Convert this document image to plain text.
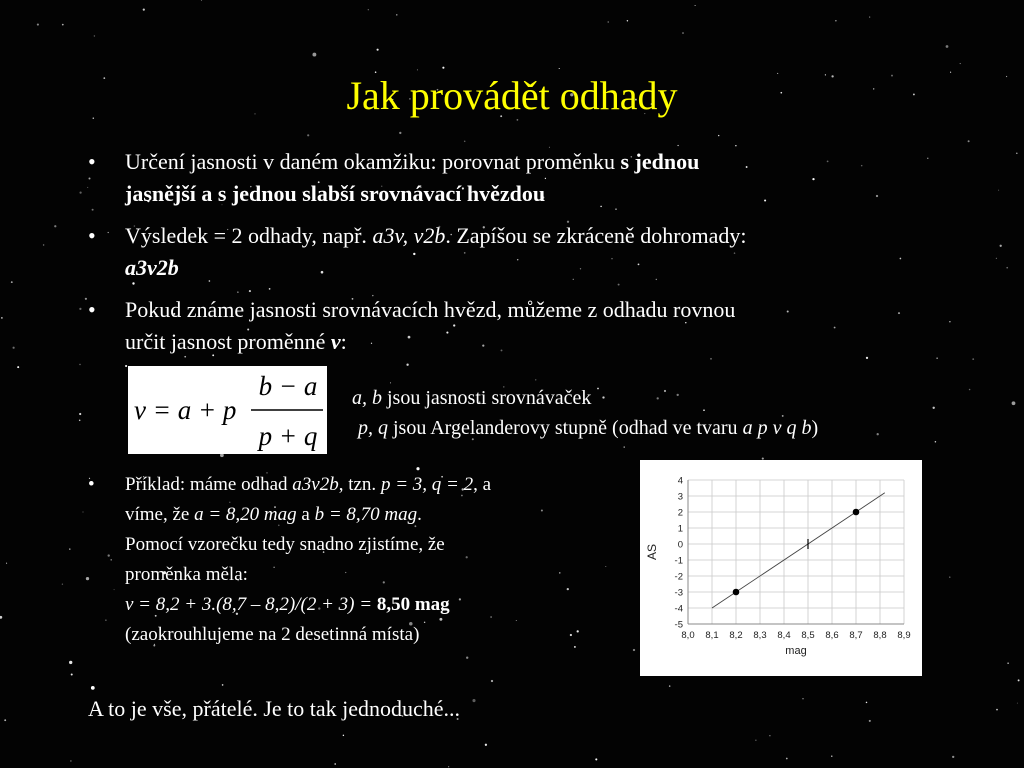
Jak provádět odhady
• Určení jasnosti v daném okamžiku: porovnat proměnku s jednou
jasnější a s jednou slabší srovnávací hvězdou
• Výsledek = 2 odhady, např. a3v, v2b. Zapíšou se zkráceně dohromady:
a3v2b
• Pokud známe jasnosti srovnávacích hvězd, můžeme z odhadu rovnou
určit jasnost proměnné v:
v = a + p
b − a
p + q
a, b jsou jasnosti srovnávaček
p, q jsou Argelanderovy stupně (odhad ve tvaru a p v q b)
• Příklad: máme odhad a3v2b, tzn. p = 3, q = 2, a
víme, že a = 8,20 mag a b = 8,70 mag.
Pomocí vzorečku tedy snadno zjistíme, že
proměnka měla:
v = 8,2 + 3.(8,7 – 8,2)/(2 + 3) = 8,50 mag
(zaokrouhlujeme na 2 desetinná místa)	8,0 8,1 8,2 8,3 8,4 8,5 8,6 8,7 8,8 8,9
4
3
2
1
0
-1
-2
-3
-4
-5
mag
AS
A to je vše, přátelé. Je to tak jednoduché...
